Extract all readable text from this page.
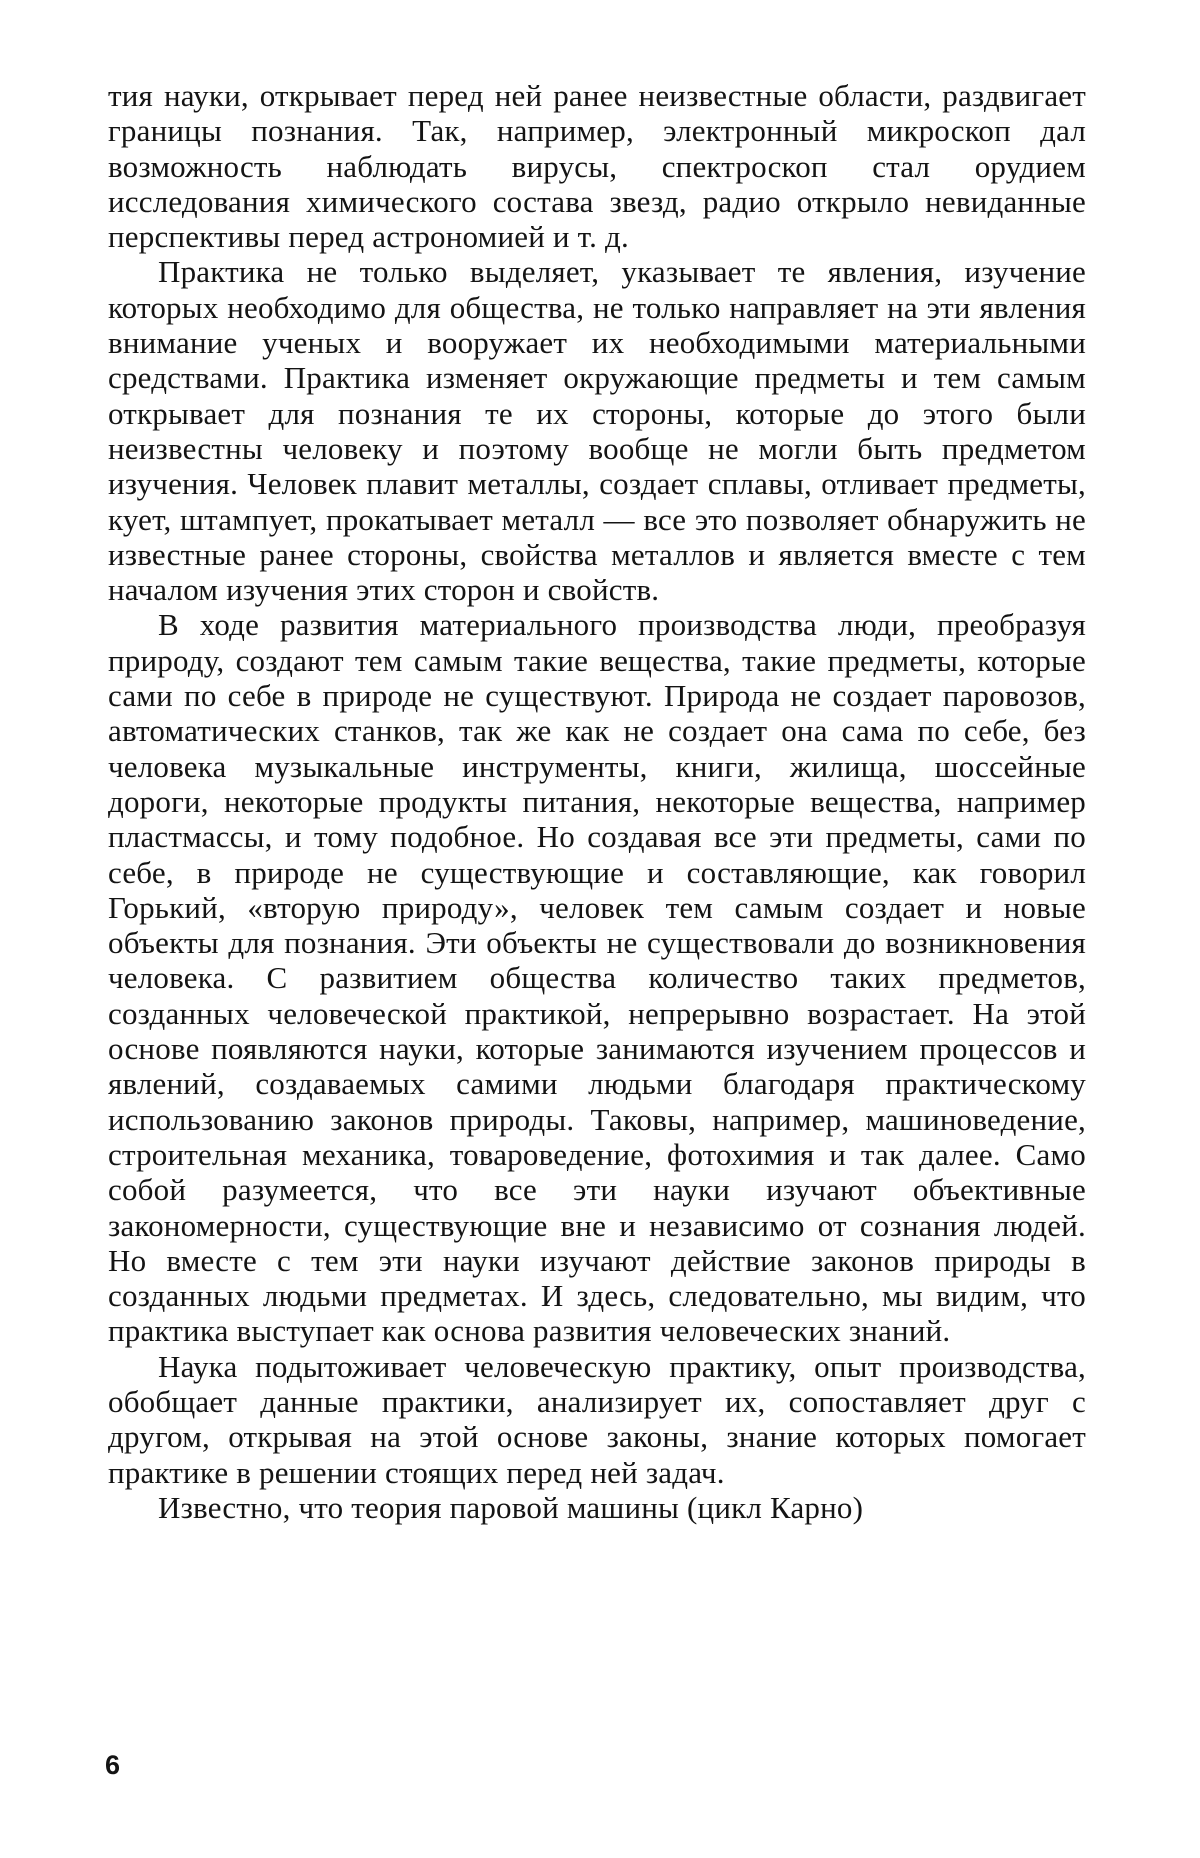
тия науки, открывает перед ней ранее неизвестные области, раздвигает границы познания. Так, например, электронный микроскоп дал возможность наблюдать вирусы, спектроскоп стал орудием исследования химического состава звезд, радио открыло невиданные перспективы перед астрономией и т. д.

Практика не только выделяет, указывает те явления, изучение которых необходимо для общества, не только направляет на эти явления внимание ученых и вооружает их необходимыми материальными средствами. Практика изменяет окружающие предметы и тем самым открывает для познания те их стороны, которые до этого были неизвестны человеку и поэтому вообще не могли быть предметом изучения. Человек плавит металлы, создает сплавы, отливает предметы, кует, штампует, прокатывает металл — все это позволяет обнаружить не известные ранее стороны, свойства металлов и является вместе с тем началом изучения этих сторон и свойств.

В ходе развития материального производства люди, преобразуя природу, создают тем самым такие вещества, такие предметы, которые сами по себе в природе не существуют. Природа не создает паровозов, автоматических станков, так же как не создает она сама по себе, без человека музыкальные инструменты, книги, жилища, шоссейные дороги, некоторые продукты питания, некоторые вещества, например пластмассы, и тому подобное. Но создавая все эти предметы, сами по себе, в природе не существующие и составляющие, как говорил Горький, «вторую природу», человек тем самым создает и новые объекты для познания. Эти объекты не существовали до возникновения человека. С развитием общества количество таких предметов, созданных человеческой практикой, непрерывно возрастает. На этой основе появляются науки, которые занимаются изучением процессов и явлений, создаваемых самими людьми благодаря практическому использованию законов природы. Таковы, например, машиноведение, строительная механика, товароведение, фотохимия и так далее. Само собой разумеется, что все эти науки изучают объективные закономерности, существующие вне и независимо от сознания людей. Но вместе с тем эти науки изучают действие законов природы в созданных людьми предметах. И здесь, следовательно, мы видим, что практика выступает как основа развития человеческих знаний.

Наука подытоживает человеческую практику, опыт производства, обобщает данные практики, анализирует их, сопоставляет друг с другом, открывая на этой основе законы, знание которых помогает практике в решении стоящих перед ней задач.

Известно, что теория паровой машины (цикл Карно)

6
